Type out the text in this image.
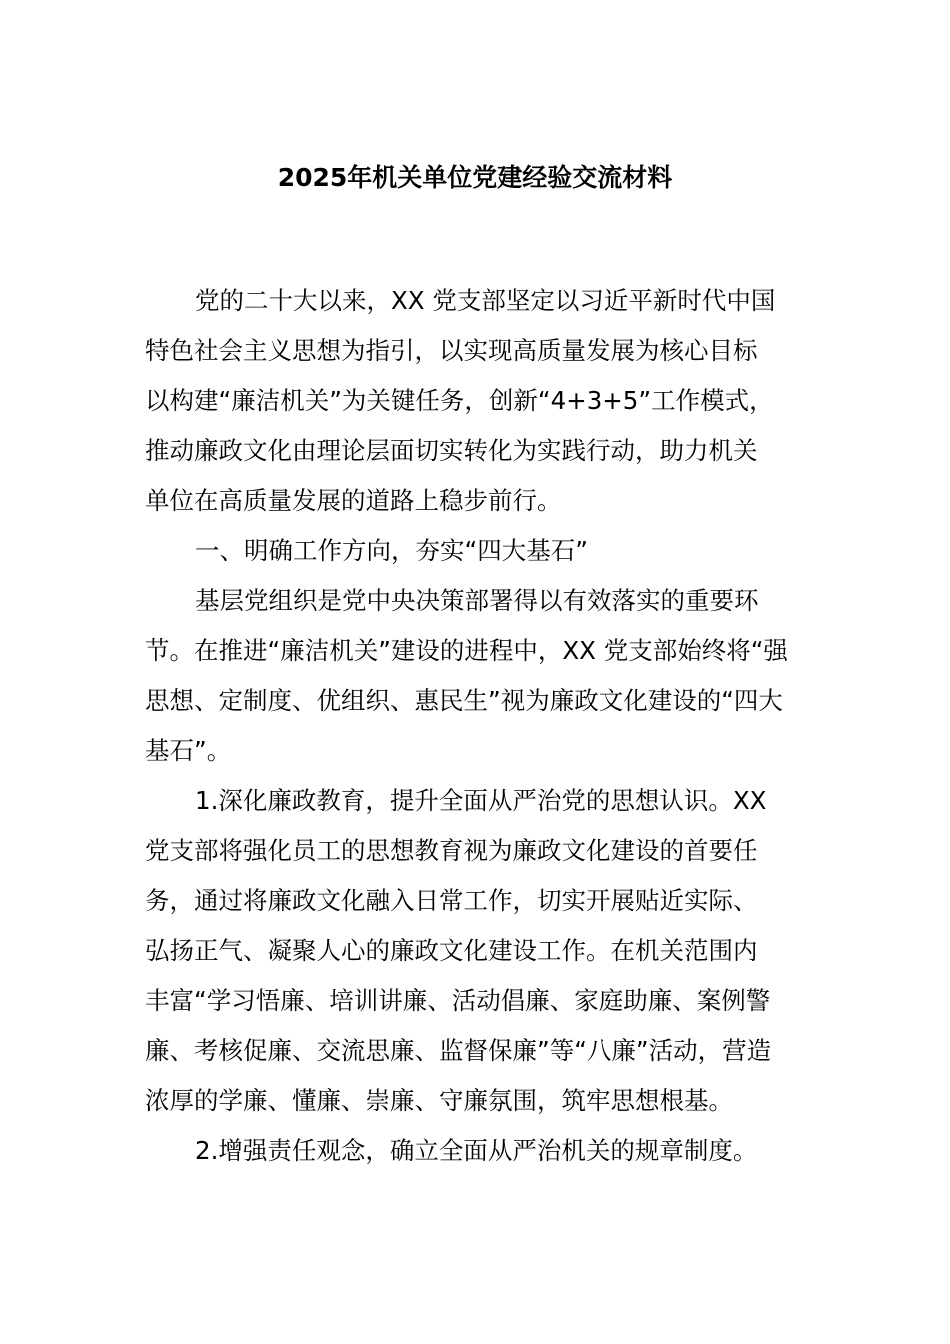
2025年机关单位党建经验交流材料
党的二十大以来，XX 党支部坚定以习近平新时代中国
特色社会主义思想为指引，以实现高质量发展为核心目标
以构建“廉洁机关”为关键任务，创新“4+3+5”工作模式，
推动廉政文化由理论层面切实转化为实践行动，助力机关
单位在高质量发展的道路上稳步前行。
一、明确工作方向，夯实“四大基石”
基层党组织是党中央决策部署得以有效落实的重要环
节。在推进“廉洁机关”建设的进程中，XX 党支部始终将“强
思想、定制度、优组织、惠民生”视为廉政文化建设的“四大
基石”。
1.深化廉政教育，提升全面从严治党的思想认识。XX
党支部将强化员工的思想教育视为廉政文化建设的首要任
务，通过将廉政文化融入日常工作，切实开展贴近实际、
弘扬正气、凝聚人心的廉政文化建设工作。在机关范围内
丰富“学习悟廉、培训讲廉、活动倡廉、家庭助廉、案例警
廉、考核促廉、交流思廉、监督保廉”等“八廉”活动，营造
浓厚的学廉、懂廉、崇廉、守廉氛围，筑牢思想根基。
2.增强责任观念，确立全面从严治机关的规章制度。
